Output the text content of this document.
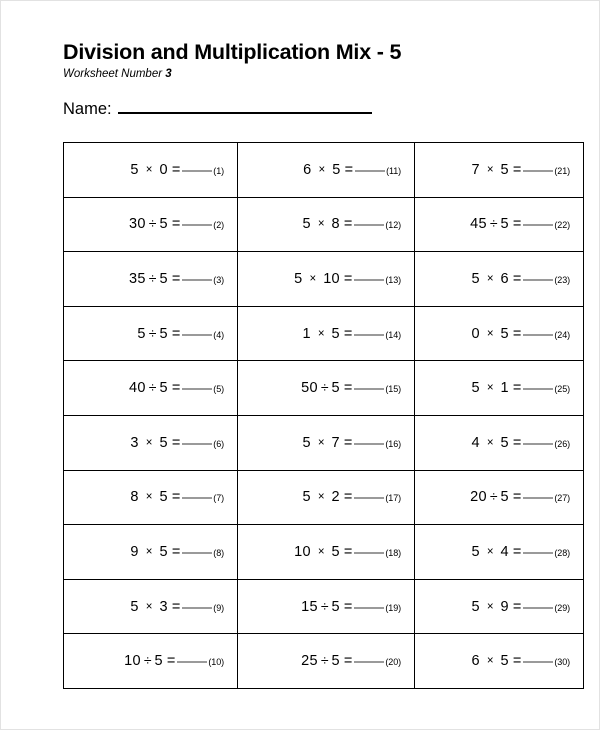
Division and Multiplication Mix - 5
Worksheet Number 3
Name:
5 × 0 = (1)	6 × 5 = (11)	7 × 5 = (21)
30 ÷ 5 = (2)	5 × 8 = (12)	45 ÷ 5 = (22)
35 ÷ 5 = (3)	5 × 10 = (13)	5 × 6 = (23)
5 ÷ 5 = (4)	1 × 5 = (14)	0 × 5 = (24)
40 ÷ 5 = (5)	50 ÷ 5 = (15)	5 × 1 = (25)
3 × 5 = (6)	5 × 7 = (16)	4 × 5 = (26)
8 × 5 = (7)	5 × 2 = (17)	20 ÷ 5 = (27)
9 × 5 = (8)	10 × 5 = (18)	5 × 4 = (28)
5 × 3 = (9)	15 ÷ 5 = (19)	5 × 9 = (29)
10 ÷ 5 = (10)	25 ÷ 5 = (20)	6 × 5 = (30)
